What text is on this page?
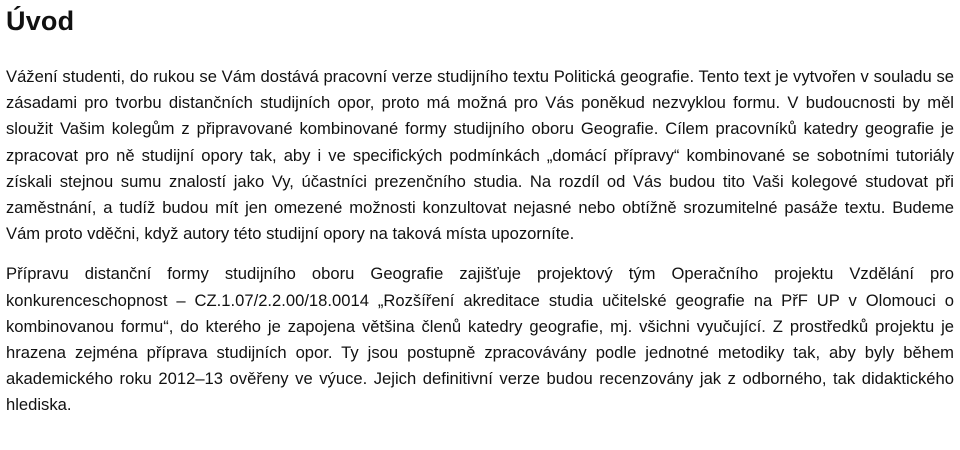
Úvod

Vážení studenti, do rukou se Vám dostává pracovní verze studijního textu Politická geografie. Tento text je vytvořen v souladu se zásadami pro tvorbu distančních studijních opor, proto má možná pro Vás poněkud nezvyklou formu. V budoucnosti by měl sloužit Vašim kolegům z připravované kombinované formy studijního oboru Geografie. Cílem pracovníků katedry geografie je zpracovat pro ně studijní opory tak, aby i ve specifických podmínkách „domácí přípravy“ kombinované se sobotními tutoriály získali stejnou sumu znalostí jako Vy, účastníci prezenčního studia. Na rozdíl od Vás budou tito Vaši kolegové studovat při zaměstnání, a tudíž budou mít jen omezené možnosti konzultovat nejasné nebo obtížně srozumitelné pasáže textu. Budeme Vám proto vděčni, když autory této studijní opory na taková místa upozorníte.

Přípravu distanční formy studijního oboru Geografie zajišťuje projektový tým Operačního projektu Vzdělání pro konkurenceschopnost – CZ.1.07/2.2.00/18.0014 „Rozšíření akreditace studia učitelské geografie na PřF UP v Olomouci o kombinovanou formu“, do kterého je zapojena většina členů katedry geografie, mj. všichni vyučující. Z prostředků projektu je hrazena zejména příprava studijních opor. Ty jsou postupně zpracovávány podle jednotné metodiky tak, aby byly během akademického roku 2012–13 ověřeny ve výuce. Jejich definitivní verze budou recenzovány jak z odborného, tak didaktického hlediska.
